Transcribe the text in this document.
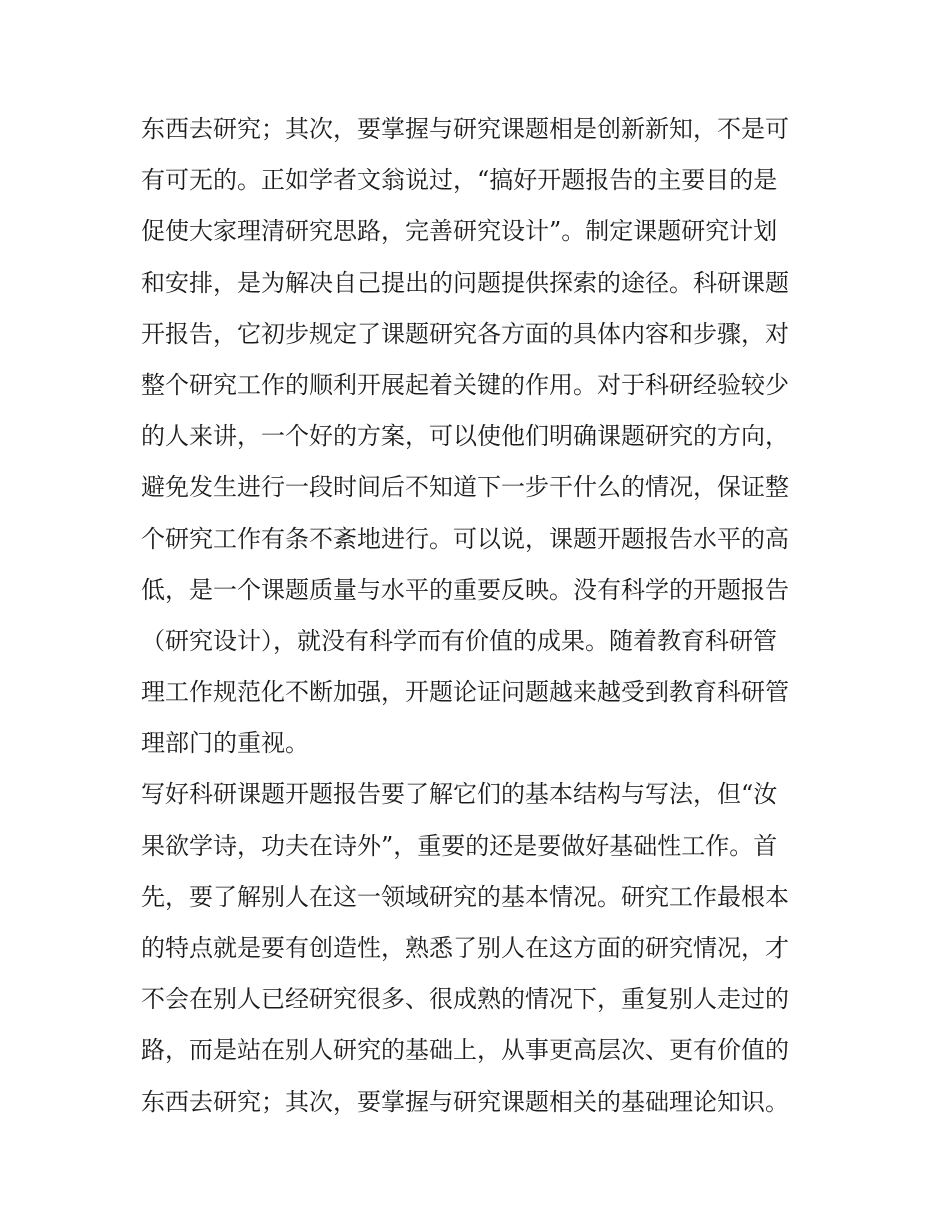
东西去研究；其次，要掌握与研究课题相是创新新知，不是可
有可无的。正如学者文翁说过，“搞好开题报告的主要目的是
促使大家理清研究思路，完善研究设计”。制定课题研究计划
和安排，是为解决自己提出的问题提供探索的途径。科研课题
开报告，它初步规定了课题研究各方面的具体内容和步骤，对
整个研究工作的顺利开展起着关键的作用。对于科研经验较少
的人来讲，一个好的方案，可以使他们明确课题研究的方向，
避免发生进行一段时间后不知道下一步干什么的情况，保证整
个研究工作有条不紊地进行。可以说，课题开题报告水平的高
低，是一个课题质量与水平的重要反映。没有科学的开题报告
（研究设计），就没有科学而有价值的成果。随着教育科研管
理工作规范化不断加强，开题论证问题越来越受到教育科研管
理部门的重视。
写好科研课题开题报告要了解它们的基本结构与写法，但“汝
果欲学诗，功夫在诗外”，重要的还是要做好基础性工作。首
先，要了解别人在这一领域研究的基本情况。研究工作最根本
的特点就是要有创造性，熟悉了别人在这方面的研究情况，才
不会在别人已经研究很多、很成熟的情况下，重复别人走过的
路，而是站在别人研究的基础上，从事更高层次、更有价值的
东西去研究；其次，要掌握与研究课题相关的基础理论知识。
